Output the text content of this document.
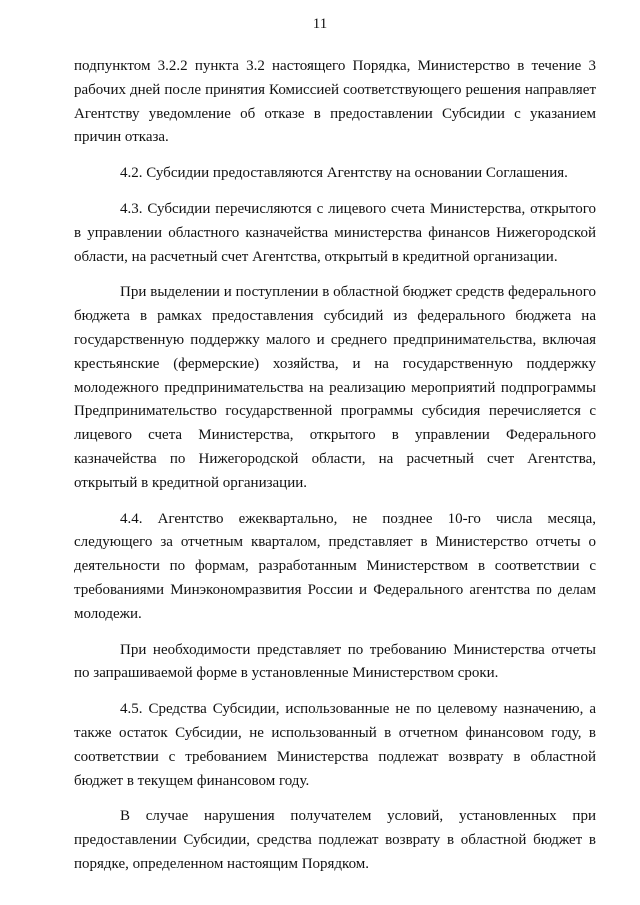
11

подпунктом 3.2.2 пункта 3.2 настоящего Порядка, Министерство в течение 3 рабочих дней после принятия Комиссией соответствующего решения направляет Агентству уведомление об отказе в предоставлении Субсидии с указанием причин отказа.

4.2. Субсидии предоставляются Агентству на основании Соглашения.

4.3. Субсидии перечисляются с лицевого счета Министерства, открытого в управлении областного казначейства министерства финансов Нижегородской области, на расчетный счет Агентства, открытый в кредитной организации.

При выделении и поступлении в областной бюджет средств федерального бюджета в рамках предоставления субсидий из федерального бюджета на государственную поддержку малого и среднего предпринимательства, включая крестьянские (фермерские) хозяйства, и на государственную поддержку молодежного предпринимательства на реализацию мероприятий подпрограммы Предпринимательство государственной программы субсидия перечисляется с лицевого счета Министерства, открытого в управлении Федерального казначейства по Нижегородской области, на расчетный счет Агентства, открытый в кредитной организации.

4.4. Агентство ежеквартально, не позднее 10-го числа месяца, следующего за отчетным кварталом, представляет в Министерство отчеты о деятельности по формам, разработанным Министерством в соответствии с требованиями Минэкономразвития России и Федерального агентства по делам молодежи.

При необходимости представляет по требованию Министерства отчеты по запрашиваемой форме в установленные Министерством сроки.

4.5. Средства Субсидии, использованные не по целевому назначению, а также остаток Субсидии, не использованный в отчетном финансовом году, в соответствии с требованием Министерства подлежат возврату в областной бюджет в текущем финансовом году.

В случае нарушения получателем условий, установленных при предоставлении Субсидии, средства подлежат возврату в областной бюджет в порядке, определенном настоящим Порядком.
